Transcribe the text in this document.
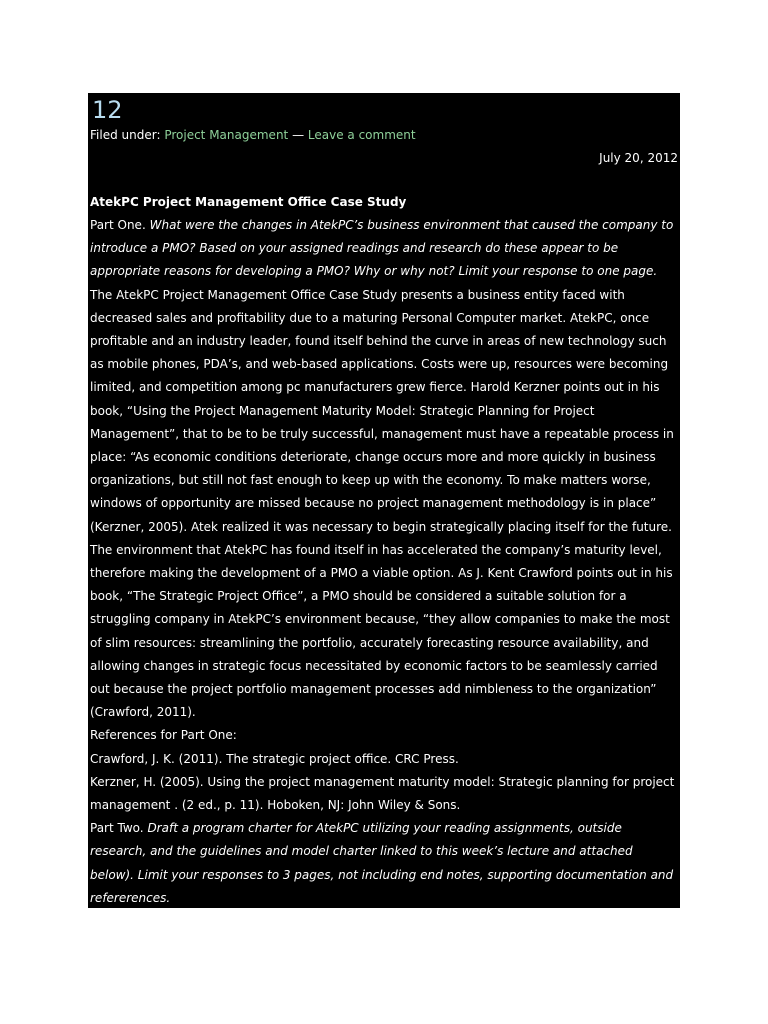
12
Filed under: Project Management — Leave a comment
July 20, 2012

AtekPC Project Management Office Case Study

Part One. What were the changes in AtekPC’s business environment that caused the company to introduce a PMO? Based on your assigned readings and research do these appear to be appropriate reasons for developing a PMO? Why or why not? Limit your response to one page.

The AtekPC Project Management Office Case Study presents a business entity faced with decreased sales and profitability due to a maturing Personal Computer market. AtekPC, once profitable and an industry leader, found itself behind the curve in areas of new technology such as mobile phones, PDA’s, and web-based applications. Costs were up, resources were becoming limited, and competition among pc manufacturers grew fierce. Harold Kerzner points out in his book, “Using the Project Management Maturity Model: Strategic Planning for Project Management”, that to be to be truly successful, management must have a repeatable process in place: “As economic conditions deteriorate, change occurs more and more quickly in business organizations, but still not fast enough to keep up with the economy. To make matters worse, windows of opportunity are missed because no project management methodology is in place” (Kerzner, 2005). Atek realized it was necessary to begin strategically placing itself for the future.

The environment that AtekPC has found itself in has accelerated the company’s maturity level, therefore making the development of a PMO a viable option. As J. Kent Crawford points out in his book, “The Strategic Project Office”, a PMO should be considered a suitable solution for a struggling company in AtekPC’s environment because, “they allow companies to make the most of slim resources: streamlining the portfolio, accurately forecasting resource availability, and allowing changes in strategic focus necessitated by economic factors to be seamlessly carried out because the project portfolio management processes add nimbleness to the organization” (Crawford, 2011).

References for Part One:

Crawford, J. K. (2011). The strategic project office. CRC Press.

Kerzner, H. (2005). Using the project management maturity model: Strategic planning for project management . (2 ed., p. 11). Hoboken, NJ: John Wiley & Sons.

Part Two. Draft a program charter for AtekPC utilizing your reading assignments, outside research, and the guidelines and model charter linked to this week’s lecture and attached below). Limit your responses to 3 pages, not including end notes, supporting documentation and refererences.

Program Charter Document

AtekPC
